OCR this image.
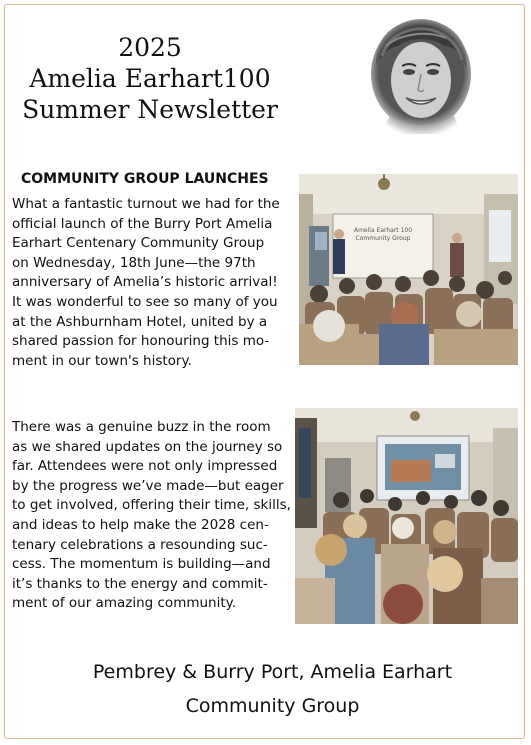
2025
Amelia Earhart100
Summer Newsletter
COMMUNITY GROUP LAUNCHES
What a fantastic turnout we had for the
official launch of the Burry Port Amelia
Earhart Centenary Community Group
on Wednesday, 18th June—the 97th
anniversary of Amelia’s historic arrival!
It was wonderful to see so many of you
at the Ashburnham Hotel, united by a
shared passion for honouring this mo-
ment in our town's history.
Amelia Earhart 100
Community Group
There was a genuine buzz in the room
as we shared updates on the journey so
far. Attendees were not only impressed
by the progress we’ve made—but eager
to get involved, offering their time, skills,
and ideas to help make the 2028 cen-
tenary celebrations a resounding suc-
cess. The momentum is building—and
it’s thanks to the energy and commit-
ment of our amazing community.
Pembrey & Burry Port, Amelia Earhart
Community Group
